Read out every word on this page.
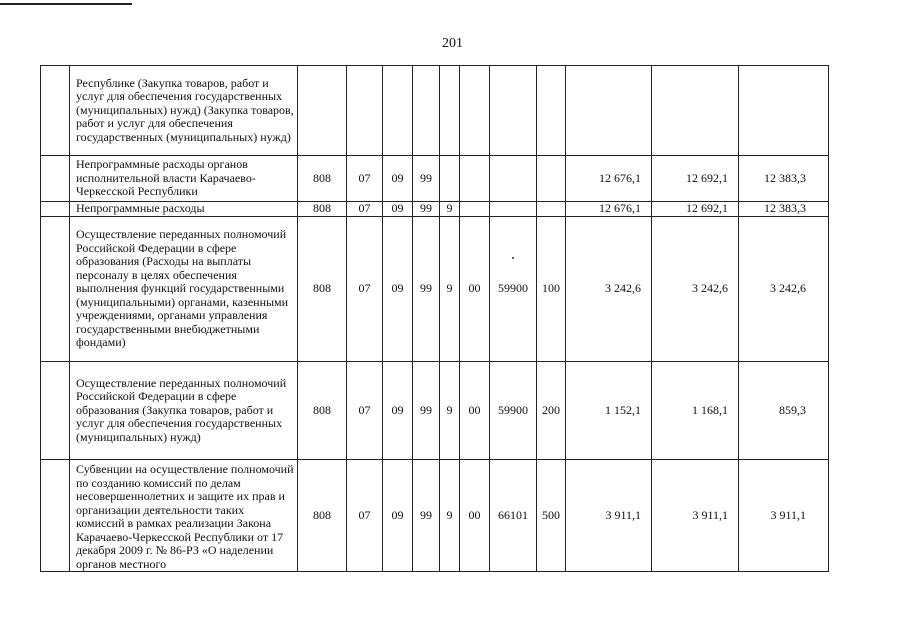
201
	Республике (Закупка товаров, работ и услуг для обеспечения государственных (муниципальных) нужд) (Закупка товаров, работ и услуг для обеспечения государственных (муниципальных) нужд)											
	Непрограммные расходы органов исполнительной власти Карачаево-Черкесской Республики	808	07	09	99					12 676,1	12 692,1	12 383,3
	Непрограммные расходы	808	07	09	99	9				12 676,1	12 692,1	12 383,3
	Осуществление переданных полномочий Российской Федерации в сфере образования (Расходы на выплаты персоналу в целях обеспечения выполнения функций государственными (муниципальными) органами, казенными учреждениями, органами управления государственными внебюджетными фондами)	808	07	09	99	9	00	59900	100	3 242,6	3 242,6	3 242,6
	Осуществление переданных полномочий Российской Федерации в сфере образования (Закупка товаров, работ и услуг для обеспечения государственных (муниципальных) нужд)	808	07	09	99	9	00	59900	200	1 152,1	1 168,1	859,3

	Субвенции на осуществление полномочий по созданию комиссий по делам несовершеннолетних и защите их прав и организации деятельности таких комиссий в рамках реализации Закона Карачаево-Черкесской Республики от 17 декабря 2009 г. № 86-РЗ «О наделении органов местного	808	07	09	99	9	00	66101	500	3 911,1	3 911,1	3 911,1
